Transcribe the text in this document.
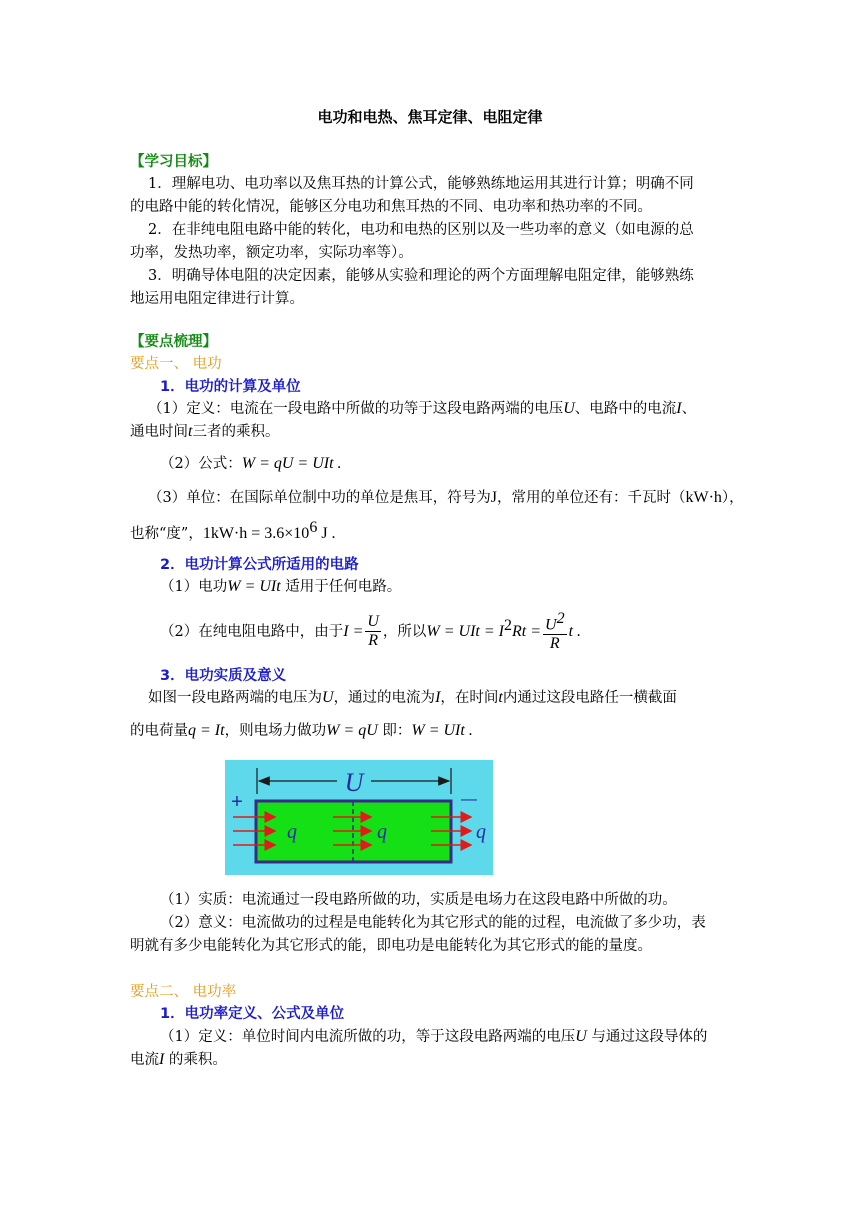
电功和电热、焦耳定律、电阻定律
【学习目标】
1．理解电功、电功率以及焦耳热的计算公式，能够熟练地运用其进行计算；明确不同
的电路中能的转化情况，能够区分电功和焦耳热的不同、电功率和热功率的不同。
2．在非纯电阻电路中能的转化，电功和电热的区别以及一些功率的意义（如电源的总
功率，发热功率，额定功率，实际功率等）。
3．明确导体电阻的决定因素，能够从实验和理论的两个方面理解电阻定律，能够熟练
地运用电阻定律进行计算。
【要点梳理】
要点一、 电功
1．电功的计算及单位
（1）定义：电流在一段电路中所做的功等于这段电路两端的电压U、电路中的电流I、
通电时间t三者的乘积。
（2）公式：W = qU = UIt .
（3）单位：在国际单位制中功的单位是焦耳，符号为J，常用的单位还有：千瓦时（kW·h），
也称“度”，$1kW\cdot h = 3.6\times 10^6$ J .
2．电功计算公式所适用的电路
（1）电功W = UIt 适用于任何电路。
（2）在纯电阻电路中，由于$I = \frac{U}{R}$ ，所以W = UIt = $I^2Rt = \frac{U^2}{R}$ t .
3．电功实质及意义
如图一段电路两端的电压为U，通过的电流为I，在时间t内通过这段电路任一横截面
的电荷量q = It，则电场力做功W = qU 即：W = UIt .
U
+	—
q	q	q
（1）实质：电流通过一段电路所做的功，实质是电场力在这段电路中所做的功。
（2）意义：电流做功的过程是电能转化为其它形式的能的过程，电流做了多少功，表
明就有多少电能转化为其它形式的能，即电功是电能转化为其它形式的能的量度。
要点二、 电功率
1．电功率定义、公式及单位
（1）定义：单位时间内电流所做的功，等于这段电路两端的电压U 与通过这段导体的
电流I 的乘积。
